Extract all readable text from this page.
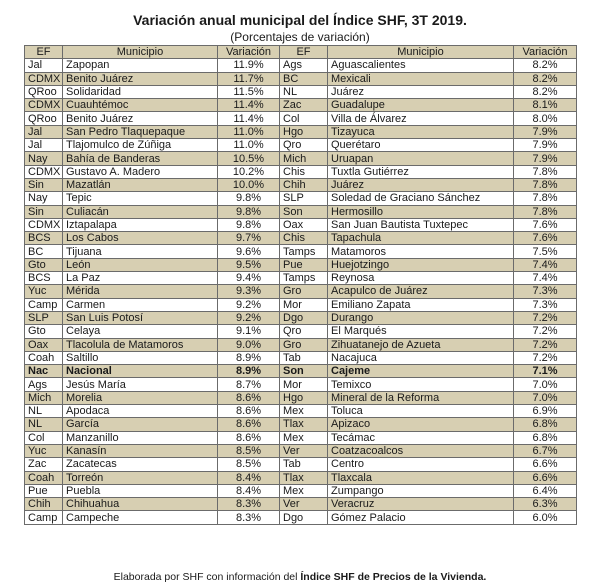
Variación anual municipal del Índice SHF, 3T 2019.
(Porcentajes de variación)
EF	Municipio	Variación	EF	Municipio	Variación
Jal	Zapopan	11.9%	Ags	Aguascalientes	8.2%
CDMX	Benito Juárez	11.7%	BC	Mexicali	8.2%
QRoo	Solidaridad	11.5%	NL	Juárez	8.2%
CDMX	Cuauhtémoc	11.4%	Zac	Guadalupe	8.1%
QRoo	Benito Juárez	11.4%	Col	Villa de Álvarez	8.0%
Jal	San Pedro Tlaquepaque	11.0%	Hgo	Tizayuca	7.9%
Jal	Tlajomulco de Zúñiga	11.0%	Qro	Querétaro	7.9%
Nay	Bahía de Banderas	10.5%	Mich	Uruapan	7.9%
CDMX	Gustavo A. Madero	10.2%	Chis	Tuxtla Gutiérrez	7.8%
Sin	Mazatlán	10.0%	Chih	Juárez	7.8%
Nay	Tepic	9.8%	SLP	Soledad de Graciano Sánchez	7.8%
Sin	Culiacán	9.8%	Son	Hermosillo	7.8%
CDMX	Iztapalapa	9.8%	Oax	San Juan Bautista Tuxtepec	7.6%
BCS	Los Cabos	9.7%	Chis	Tapachula	7.6%
BC	Tijuana	9.6%	Tamps	Matamoros	7.5%
Gto	León	9.5%	Pue	Huejotzingo	7.4%
BCS	La Paz	9.4%	Tamps	Reynosa	7.4%
Yuc	Mérida	9.3%	Gro	Acapulco de Juárez	7.3%
Camp	Carmen	9.2%	Mor	Emiliano Zapata	7.3%
SLP	San Luis Potosí	9.2%	Dgo	Durango	7.2%
Gto	Celaya	9.1%	Qro	El Marqués	7.2%
Oax	Tlacolula de Matamoros	9.0%	Gro	Zihuatanejo de Azueta	7.2%
Coah	Saltillo	8.9%	Tab	Nacajuca	7.2%
Nac	Nacional	8.9%	Son	Cajeme	7.1%
Ags	Jesús María	8.7%	Mor	Temixco	7.0%
Mich	Morelia	8.6%	Hgo	Mineral de la Reforma	7.0%
NL	Apodaca	8.6%	Mex	Toluca	6.9%
NL	García	8.6%	Tlax	Apizaco	6.8%
Col	Manzanillo	8.6%	Mex	Tecámac	6.8%
Yuc	Kanasín	8.5%	Ver	Coatzacoalcos	6.7%
Zac	Zacatecas	8.5%	Tab	Centro	6.6%
Coah	Torreón	8.4%	Tlax	Tlaxcala	6.6%
Pue	Puebla	8.4%	Mex	Zumpango	6.4%
Chih	Chihuahua	8.3%	Ver	Veracruz	6.3%
Camp	Campeche	8.3%	Dgo	Gómez Palacio	6.0%
Elaborada por SHF con información del Índice SHF de Precios de la Vivienda.
